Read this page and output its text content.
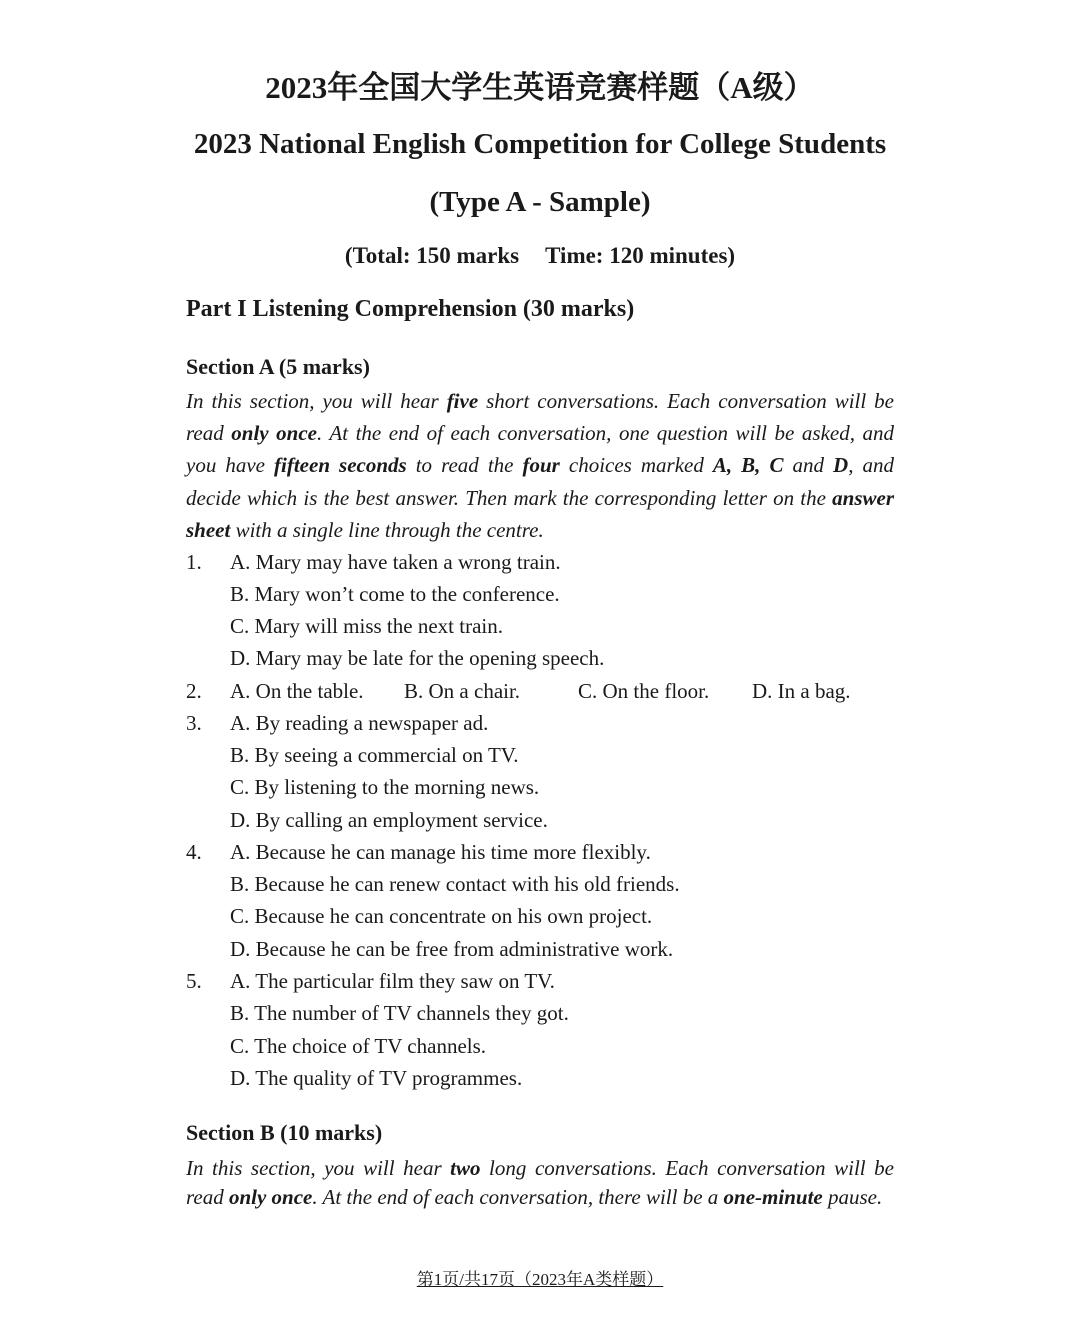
2023年全国大学生英语竞赛样题（A级）
2023 National English Competition for College Students
(Type A - Sample)
(Total: 150 marks Time: 120 minutes)
Part I Listening Comprehension (30 marks)
Section A (5 marks)
In this section, you will hear five short conversations. Each conversation will be read only once. At the end of each conversation, one question will be asked, and you have fifteen seconds to read the four choices marked A, B, C and D, and decide which is the best answer. Then mark the corresponding letter on the answer sheet with a single line through the centre.
1. A. Mary may have taken a wrong train.
B. Mary won’t come to the conference.
C. Mary will miss the next train.
D. Mary may be late for the opening speech.
2. A. On the table. B. On a chair.	C. On the floor. D. In a bag.
3. A. By reading a newspaper ad.
B. By seeing a commercial on TV.
C. By listening to the morning news.
D. By calling an employment service.
4. A. Because he can manage his time more flexibly.
B. Because he can renew contact with his old friends.
C. Because he can concentrate on his own project.
D. Because he can be free from administrative work.
5. A. The particular film they saw on TV.
B. The number of TV channels they got.
C. The choice of TV channels.
D. The quality of TV programmes.
Section B (10 marks)
In this section, you will hear two long conversations. Each conversation will be read only once. At the end of each conversation, there will be a one-minute pause.
第1页/共17页（2023年A类样题）
